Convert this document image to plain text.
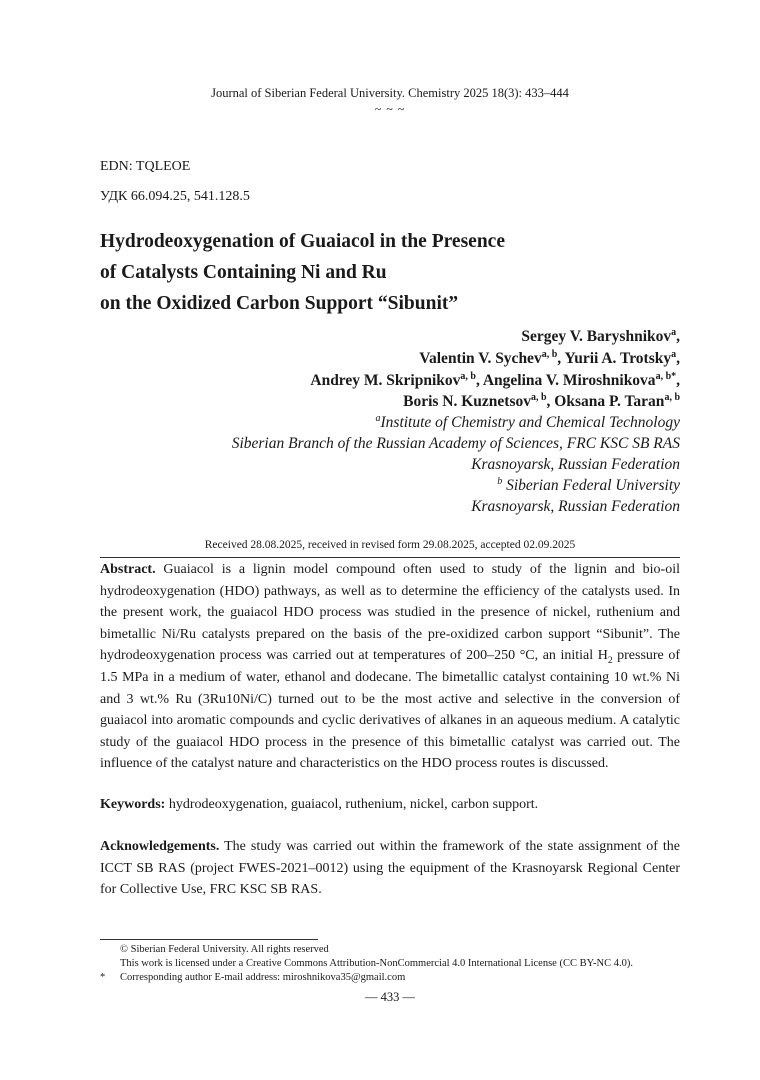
Journal of Siberian Federal University. Chemistry 2025 18(3): 433–444
~ ~ ~
EDN: TQLEOE
УДК 66.094.25, 541.128.5
Hydrodeoxygenation of Guaiacol in the Presence
of Catalysts Containing Ni and Ru
on the Oxidized Carbon Support “Sibunit”
Sergey V. Baryshnikov$^a$,
Valentin V. Sychev$^{a, b}$, Yurii A. Trotsky$^a$,
Andrey M. Skripnikov$^{a, b}$, Angelina V. Miroshnikova$^{a, b*}$,
Boris N. Kuznetsov$^{a, b}$, Oksana P. Taran$^{a, b}$
$^a$Institute of Chemistry and Chemical Technology
Siberian Branch of the Russian Academy of Sciences, FRC KSC SB RAS
Krasnoyarsk, Russian Federation
$^b$ Siberian Federal University
Krasnoyarsk, Russian Federation
Received 28.08.2025, received in revised form 29.08.2025, accepted 02.09.2025

Abstract. Guaiacol is a lignin model compound often used to study of the lignin and bio-oil hydrodeoxygenation (HDO) pathways, as well as to determine the efficiency of the catalysts used. In the present work, the guaiacol HDO process was studied in the presence of nickel, ruthenium and bimetallic Ni/Ru catalysts prepared on the basis of the pre-oxidized carbon support “Sibunit”. The hydrodeoxygenation process was carried out at temperatures of 200–250 °C, an initial $H_2$ pressure of 1.5 MPa in a medium of water, ethanol and dodecane. The bimetallic catalyst containing 10 wt.% Ni and 3 wt.% Ru (3Ru10Ni/C) turned out to be the most active and selective in the conversion of guaiacol into aromatic compounds and cyclic derivatives of alkanes in an aqueous medium. A catalytic study of the guaiacol HDO process in the presence of this bimetallic catalyst was carried out. The influence of the catalyst nature and characteristics on the HDO process routes is discussed.

Keywords: hydrodeoxygenation, guaiacol, ruthenium, nickel, carbon support.
Acknowledgements. The study was carried out within the framework of the state assignment of the ICCT SB RAS (project FWES-2021–0012) using the equipment of the Krasnoyarsk Regional Center for Collective Use, FRC KSC SB RAS.
© Siberian Federal University. All rights reserved
This work is licensed under a Creative Commons Attribution-NonCommercial 4.0 International License (CC BY-NC 4.0).
* Corresponding author E-mail address: miroshnikova35@gmail.com
— 433 —
